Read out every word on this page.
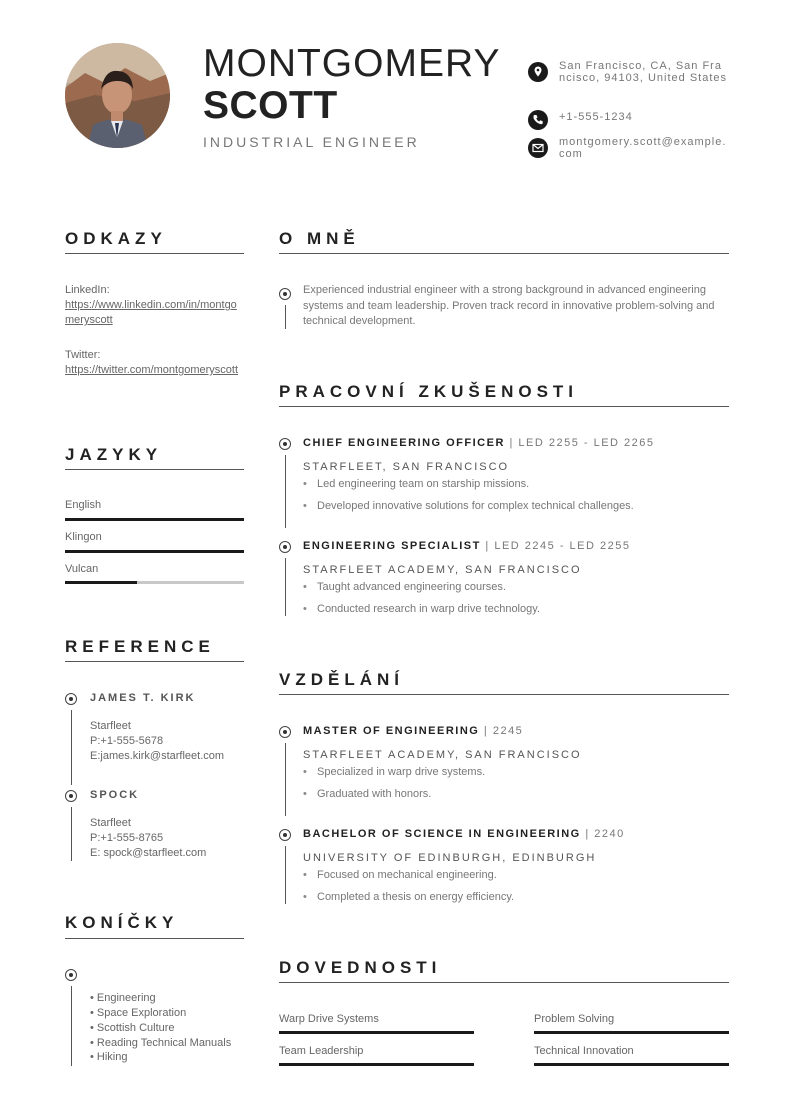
MONTGOMERY
SCOTT
INDUSTRIAL ENGINEER
San Francisco, CA, San Francisco, 94103, United States
+1-555-1234
montgomery.scott@example.com
ODKAZY
LinkedIn:
https://www.linkedin.com/in/montgomeryscott
Twitter:
https://twitter.com/montgomeryscott
JAZYKY
English
Klingon
Vulcan
REFERENCE
JAMES T. KIRK
Starfleet
P:+1-555-5678
E:james.kirk@starfleet.com
SPOCK
Starfleet
P:+1-555-8765
E: spock@starfleet.com
KONÍČKY
• Engineering
• Space Exploration
• Scottish Culture
• Reading Technical Manuals
• Hiking
O MNĚ
Experienced industrial engineer with a strong background in advanced engineering systems and team leadership. Proven track record in innovative problem-solving and technical development.
PRACOVNÍ ZKUŠENOSTI
CHIEF ENGINEERING OFFICER | LED 2255 - LED 2265
STARFLEET, SAN FRANCISCO
• Led engineering team on starship missions.
• Developed innovative solutions for complex technical challenges.
ENGINEERING SPECIALIST | LED 2245 - LED 2255
STARFLEET ACADEMY, SAN FRANCISCO
• Taught advanced engineering courses.
• Conducted research in warp drive technology.
VZDĚLÁNÍ
MASTER OF ENGINEERING | 2245
STARFLEET ACADEMY, SAN FRANCISCO
• Specialized in warp drive systems.
• Graduated with honors.
BACHELOR OF SCIENCE IN ENGINEERING | 2240
UNIVERSITY OF EDINBURGH, EDINBURGH
• Focused on mechanical engineering.
• Completed a thesis on energy efficiency.
DOVEDNOSTI
Warp Drive Systems	Problem Solving
Team Leadership	Technical Innovation
